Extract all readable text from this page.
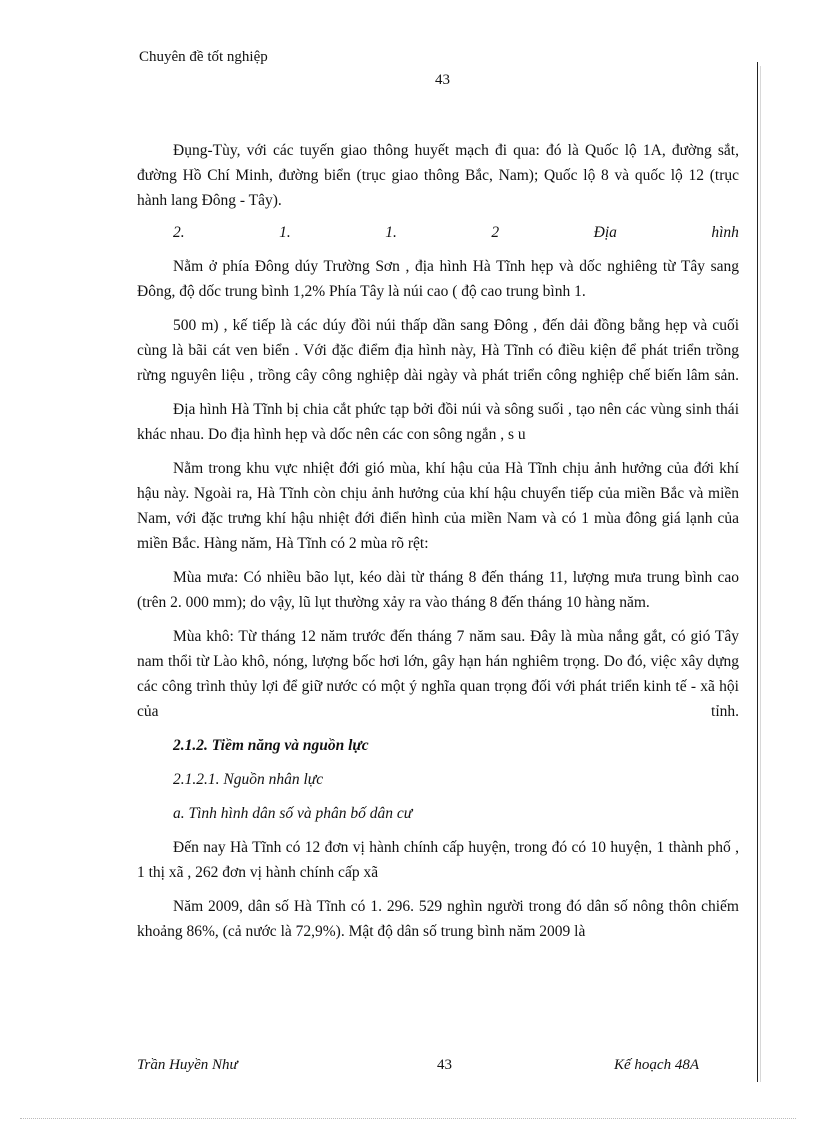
Chuyên đề tốt nghiệp
43

Đụng-Tùy, với các tuyến giao thông huyết mạch đi qua: đó là Quốc lộ 1A, đường sắt, đường Hồ Chí Minh, đường biển (trục giao thông Bắc, Nam); Quốc lộ 8 và quốc lộ 12 (trục hành lang Đông - Tây).

2.	1.	1.	2	Địa	hình

Nằm ở phía Đông dúy Trường Sơn , địa hình Hà Tĩnh hẹp và dốc nghiêng từ Tây sang Đông, độ dốc trung bình 1,2% Phía Tây là núi cao ( độ cao trung bình 1.

500 m) , kế tiếp là các dúy đồi núi thấp dần sang Đông , đến dải đồng bằng hẹp và cuối cùng là bãi cát ven biển . Với đặc điểm địa hình này, Hà Tĩnh có điều kiện để phát triển trồng rừng nguyên liệu , trồng cây công nghiệp dài ngày và phát triển công nghiệp chế biến lâm sản.

Địa hình Hà Tĩnh bị chia cắt phức tạp bởi đồi núi và sông suối , tạo nên các vùng sinh thái khác nhau. Do địa hình hẹp và dốc nên các con sông ngắn , s u

Nằm trong khu vực nhiệt đới gió mùa, khí hậu của Hà Tĩnh chịu ảnh hưởng của đới khí hậu này. Ngoài ra, Hà Tĩnh còn chịu ảnh hưởng của khí hậu chuyển tiếp của miền Bắc và miền Nam, với đặc trưng khí hậu nhiệt đới điển hình của miền Nam và có 1 mùa đông giá lạnh của miền Bắc. Hàng năm, Hà Tĩnh có 2 mùa rõ rệt:

Mùa mưa: Có nhiều bão lụt, kéo dài từ tháng 8 đến tháng 11, lượng mưa trung bình cao (trên 2. 000 mm); do vậy, lũ lụt thường xảy ra vào tháng 8 đến tháng 10 hàng năm.

Mùa khô: Từ tháng 12 năm trước đến tháng 7 năm sau. Đây là mùa nắng gắt, có gió Tây nam thổi từ Lào khô, nóng, lượng bốc hơi lớn, gây hạn hán nghiêm trọng. Do đó, việc xây dựng các công trình thủy lợi để giữ nước có một ý nghĩa quan trọng đối với phát triển kinh tế - xã hội của tỉnh.

2.1.2. Tiềm năng và nguồn lực
2.1.2.1. Nguồn nhân lực
a. Tình hình dân số và phân bố dân cư

Đến nay Hà Tĩnh có 12 đơn vị hành chính cấp huyện, trong đó có 10 huyện, 1 thành phố , 1 thị xã , 262 đơn vị hành chính cấp xã

Năm 2009, dân số Hà Tĩnh có 1. 296. 529 nghìn người trong đó dân số nông thôn chiếm khoảng 86%, (cả nước là 72,9%). Mật độ dân số trung bình năm 2009 là

Trần Huyền Như	43	Kế hoạch 48A
